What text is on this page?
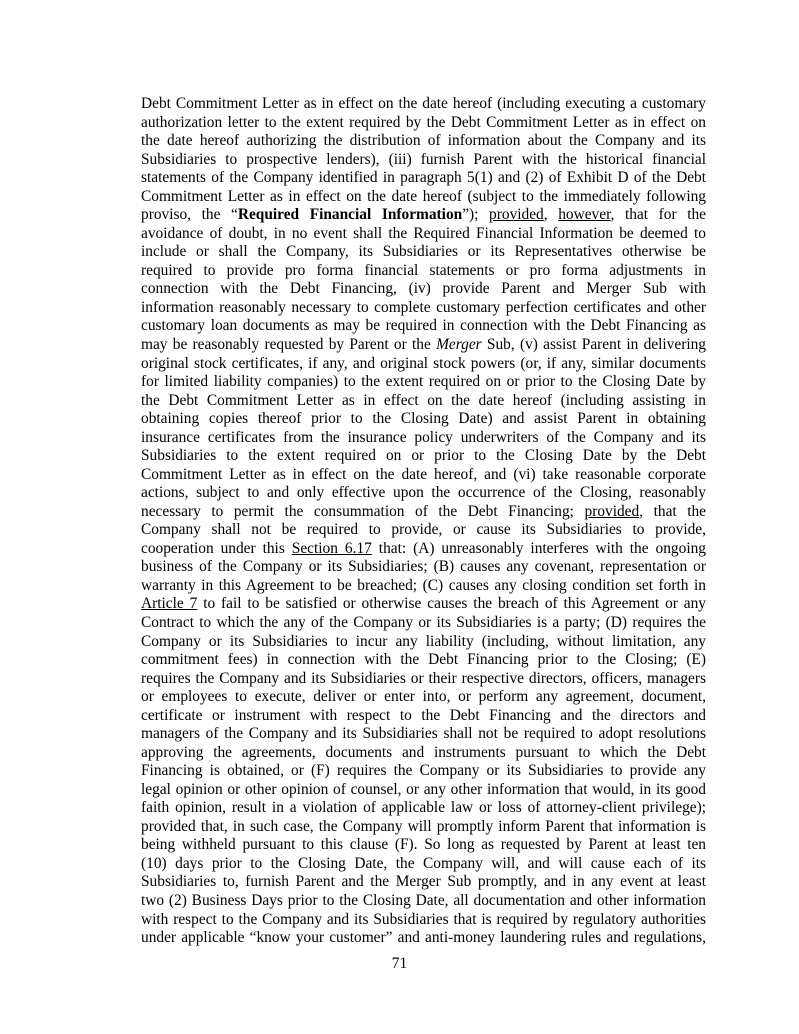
Debt Commitment Letter as in effect on the date hereof (including executing a customary
authorization letter to the extent required by the Debt Commitment Letter as in effect on
the date hereof authorizing the distribution of information about the Company and its
Subsidiaries to prospective lenders), (iii) furnish Parent with the historical financial
statements of the Company identified in paragraph 5(1) and (2) of Exhibit D of the Debt
Commitment Letter as in effect on the date hereof (subject to the immediately following
proviso, the “Required Financial Information”); provided, however, that for the
avoidance of doubt, in no event shall the Required Financial Information be deemed to
include or shall the Company, its Subsidiaries or its Representatives otherwise be
required to provide pro forma financial statements or pro forma adjustments in
connection with the Debt Financing, (iv) provide Parent and Merger Sub with
information reasonably necessary to complete customary perfection certificates and other
customary loan documents as may be required in connection with the Debt Financing as
may be reasonably requested by Parent or the Merger Sub, (v) assist Parent in delivering
original stock certificates, if any, and original stock powers (or, if any, similar documents
for limited liability companies) to the extent required on or prior to the Closing Date by
the Debt Commitment Letter as in effect on the date hereof (including assisting in
obtaining copies thereof prior to the Closing Date) and assist Parent in obtaining
insurance certificates from the insurance policy underwriters of the Company and its
Subsidiaries to the extent required on or prior to the Closing Date by the Debt
Commitment Letter as in effect on the date hereof, and (vi) take reasonable corporate
actions, subject to and only effective upon the occurrence of the Closing, reasonably
necessary to permit the consummation of the Debt Financing; provided, that the
Company shall not be required to provide, or cause its Subsidiaries to provide,
cooperation under this Section 6.17 that: (A) unreasonably interferes with the ongoing
business of the Company or its Subsidiaries; (B) causes any covenant, representation or
warranty in this Agreement to be breached; (C) causes any closing condition set forth in
Article 7 to fail to be satisfied or otherwise causes the breach of this Agreement or any
Contract to which the any of the Company or its Subsidiaries is a party; (D) requires the
Company or its Subsidiaries to incur any liability (including, without limitation, any
commitment fees) in connection with the Debt Financing prior to the Closing; (E)
requires the Company and its Subsidiaries or their respective directors, officers, managers
or employees to execute, deliver or enter into, or perform any agreement, document,
certificate or instrument with respect to the Debt Financing and the directors and
managers of the Company and its Subsidiaries shall not be required to adopt resolutions
approving the agreements, documents and instruments pursuant to which the Debt
Financing is obtained, or (F) requires the Company or its Subsidiaries to provide any
legal opinion or other opinion of counsel, or any other information that would, in its good
faith opinion, result in a violation of applicable law or loss of attorney-client privilege);
provided that, in such case, the Company will promptly inform Parent that information is
being withheld pursuant to this clause (F). So long as requested by Parent at least ten
(10) days prior to the Closing Date, the Company will, and will cause each of its
Subsidiaries to, furnish Parent and the Merger Sub promptly, and in any event at least
two (2) Business Days prior to the Closing Date, all documentation and other information
with respect to the Company and its Subsidiaries that is required by regulatory authorities
under applicable “know your customer” and anti-money laundering rules and regulations,
71
